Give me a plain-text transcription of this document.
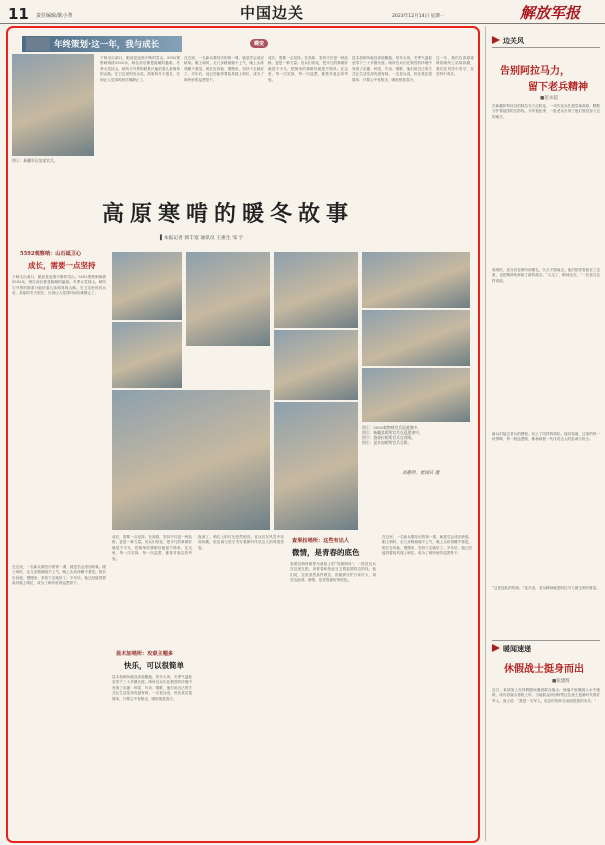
11 责任编辑/陈小菁	中国边关	2023年12月14日 星期一	解放军报
年终策划·这一年，我与成长	蝶变
图①：新疆军区某部官兵。
下哨走出洞口，眼前是连绵不断的雪山。5592观察哨海拔5592米，哨位前后都是陡峭的悬崖。冬季大雪封山，哨所与外界的联系只能依靠几条简易的山路。守卫这里的官兵说，高原的冬天很长，长到让人觉得时间仿佛静止了。
在这里，一名新兵要经历的第一课，就是学会适应缺氧。刚上哨时，走几步路就喘不上气，晚上头疼得睡不着觉。班长告诉他，慢慢来，坚持下去就好了。半年后，他已经能背着装具爬上哨位，成为了哨所里的巡逻骨干。
成长，需要一点坚持。在高原，坚持不仅是一种品格，更是一种力量。官兵们常说，把平凡的事做好就是不平凡，把简单的事做好就是不简单。在这里，每一次站岗、每一次巡逻，都是对意志的考验。
昆木加哨所地处高原腹地，常年大风，冬季气温低至零下三十多摄氏度。哨所官兵们在艰苦的环境中发现了乐趣：种菜、写诗、唱歌，他们用自己的方式让生活变得有滋有味。一名老兵说，快乐其实很简单，只要心中有阳光，哪里都是春天。
这一年，我们在高原寒啃的哨所上站岗执勤，我们在风雪中坚守，在坚持中成长。
高原寒啃的暖冬故事
▌本报记者 郭丰宽 通讯员 王惠生 邹 宇
5592观察哨：山石砥卫心
成长，需要一点坚持
下哨走出洞口，眼前是连绵不断的雪山。5592观察哨海拔5592米，哨位前后都是陡峭的悬崖。冬季大雪封山，哨所与外界的联系只能依靠几条简易的山路。守卫这里的官兵说，高原的冬天很长，长到让人觉得时间仿佛静止了。
在这里，一名新兵要经历的第一课，就是学会适应缺氧。刚上哨时，走几步路就喘不上气，晚上头疼得睡不着觉。班长告诉他，慢慢来，坚持下去就好了。半年后，他已经能背着装具爬上哨位，成为了哨所里的巡逻骨干。
图①：5592观察哨官兵巡逻途中。
图②：新疆某哨所官兵在巡逻途中。
图③：查果拉哨所官兵在训练。
图④：昆木加哨所官兵合影。
刘惠明、崔国庆 摄
成长，需要一点坚持。在高原，坚持不仅是一种品格，更是一种力量。官兵们常说，把平凡的事做好就是不平凡，把简单的事做好就是不简单。在这里，每一次站岗、每一次巡逻，都是对意志的考验。
昆木加哨所：攻艰主题多
快乐，可以很简单
昆木加哨所地处高原腹地，常年大风，冬季气温低至零下三十多摄氏度。哨所官兵们在艰苦的环境中发现了乐趣：种菜、写诗、唱歌，他们用自己的方式让生活变得有滋有味。一名老兵说，快乐其实很简单，只要心中有阳光，哪里都是春天。
夜深了，哨位上的灯光依然明亮。官兵们在风雪中站岗执勤，用忠诚与坚守书写着新时代戍边人的青春答卷。
查果拉哨所：这些有达人
微情，是青春的底色
查果拉哨所被誉为高原上的“英雄哨所”。一茬茬官兵在这里扎根，用青春和热血守卫着祖国的边防线。他们说，这里虽然条件艰苦，但能够守护万家灯火，再苦也值得。微情，是青春最好的底色。
在这里，一名新兵要经历的第一课，就是学会适应缺氧。刚上哨时，走几步路就喘不上气，晚上头疼得睡不着觉。班长告诉他，慢慢来，坚持下去就好了。半年后，他已经能背着装具爬上哨位，成为了哨所里的巡逻骨干。
边关风
告别阿拉马力，
留下老兵精神
■范永超
在新疆伊犁河谷的阿拉马力边防连，一代代官兵扎根雪域高原，默默守护着祖国的边防线。今年退伍季，一批老兵告别了他们曾经奋斗过的地方。
离别时，老兵们在哨所前敬礼，久久不愿离去。他们把青春留在了这里，也把精神传承给了新的战友。“人走了，精神还在。”一位老兵这样说道。
新兵们接过老兵的钢枪，站上了同样的哨位。他们知道，这里的每一块界碑、每一段巡逻路，都承载着一代代戍边人的忠诚与担当。
“这是连队的传统。”连长说，老兵精神就是阿拉马力最宝贵的财富。
暖闻速递
休假战士挺身而出
■张建辉
近日，某部战士在休假期间遇到群众落水，他毫不犹豫跳入水中施救，成功将落水者救上岸。当地群众纷纷称赞这位战士是新时代的好军人。战士说：“我是一名军人，危急时刻冲在前面是我的本分。”
